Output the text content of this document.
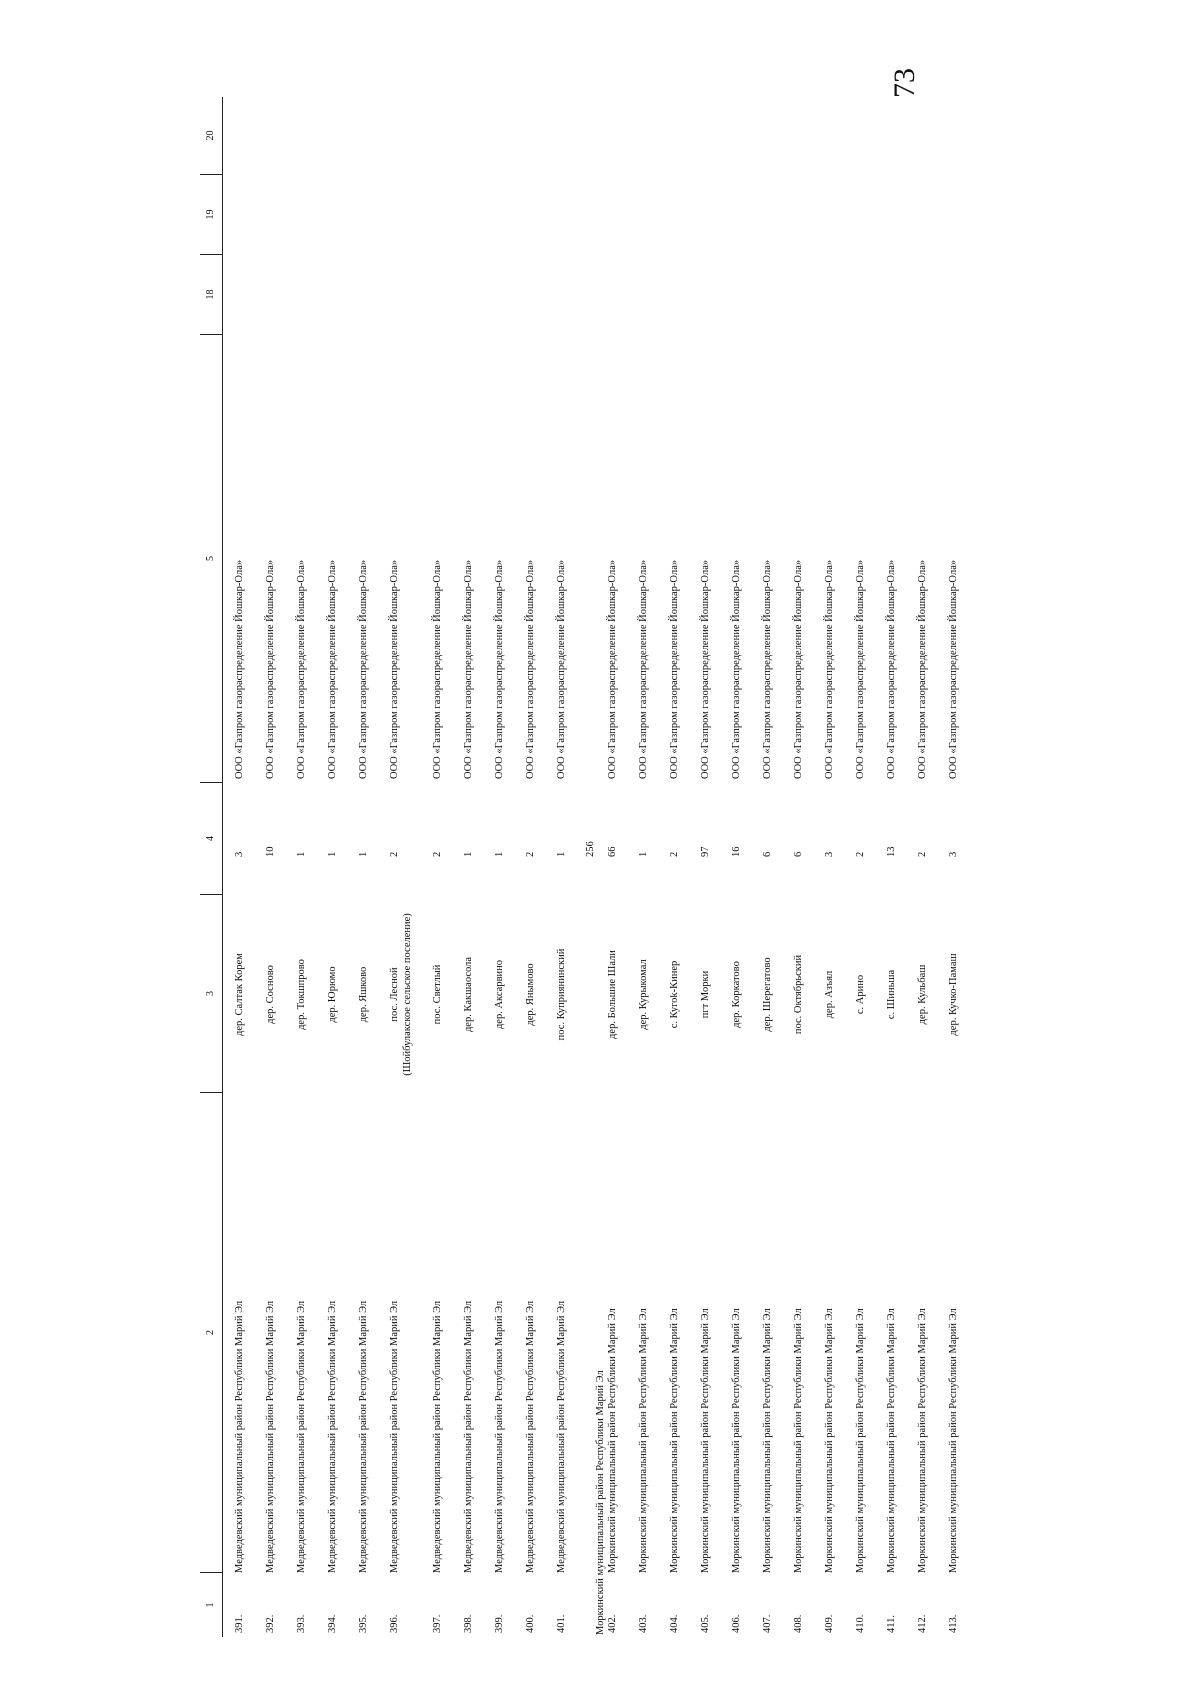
73
1
2
3
4
5
18
19
20
391.
Медведевский муниципальный район Республики Марий Эл
дер. Салтак Корем
3
ООО «Газпром газораспределение Йошкар-Ола»
392.
Медведевский муниципальный район Республики Марий Эл
дер. Сосново
10
ООО «Газпром газораспределение Йошкар-Ола»
393.
Медведевский муниципальный район Республики Марий Эл
дер. Токшпрово
1
ООО «Газпром газораспределение Йошкар-Ола»
394.
Медведевский муниципальный район Республики Марий Эл
дер. Юрюмо
1
ООО «Газпром газораспределение Йошкар-Ола»
395.
Медведевский муниципальный район Республики Марий Эл
дер. Яшково
1
ООО «Газпром газораспределение Йошкар-Ола»
396.
Медведевский муниципальный район Республики Марий Эл
пос. Лесной
2
ООО «Газпром газораспределение Йошкар-Ола»
(Шойбулакское сельское поселение)
397.
Медведевский муниципальный район Республики Марий Эл
пос. Светлый
2
ООО «Газпром газораспределение Йошкар-Ола»
398.
Медведевский муниципальный район Республики Марий Эл
дер. Какшаосола
1
ООО «Газпром газораспределение Йошкар-Ола»
399.
Медведевский муниципальный район Республики Марий Эл
дер. Аксарвино
1
ООО «Газпром газораспределение Йошкар-Ола»
400.
Медведевский муниципальный район Республики Марий Эл
дер. Янымово
2
ООО «Газпром газораспределение Йошкар-Ола»
401.
Медведевский муниципальный район Республики Марий Эл
пос. Куприянинский
1
ООО «Газпром газораспределение Йошкар-Ола»
Моркинский муниципальный район Республики Марий Эл
256
402.
Моркинский муниципальный район Республики Марий Эл
дер. Большие Шали
66
ООО «Газпром газораспределение Йошкар-Ола»
403.
Моркинский муниципальный район Республики Марий Эл
дер. Курыкомал
1
ООО «Газпром газораспределение Йошкар-Ола»
404.
Моркинский муниципальный район Республики Марий Эл
с. Кугоk-Кинер
2
ООО «Газпром газораспределение Йошкар-Ола»
405.
Моркинский муниципальный район Республики Марий Эл
пгт Морки
97
ООО «Газпром газораспределение Йошкар-Ола»
406.
Моркинский муниципальный район Республики Марий Эл
дер. Коркатово
16
ООО «Газпром газораспределение Йошкар-Ола»
407.
Моркинский муниципальный район Республики Марий Эл
дер. Шерегатово
6
ООО «Газпром газораспределение Йошкар-Ола»
408.
Моркинский муниципальный район Республики Марий Эл
пос. Октябрьский
6
ООО «Газпром газораспределение Йошкар-Ола»
409.
Моркинский муниципальный район Республики Марий Эл
дер. Азъял
3
ООО «Газпром газораспределение Йошкар-Ола»
410.
Моркинский муниципальный район Республики Марий Эл
с. Арино
2
ООО «Газпром газораспределение Йошкар-Ола»
411.
Моркинский муниципальный район Республики Марий Эл
с. Шиньша
13
ООО «Газпром газораспределение Йошкар-Ола»
412.
Моркинский муниципальный район Республики Марий Эл
дер. Кульбаш
2
ООО «Газпром газораспределение Йошкар-Ола»
413.
Моркинский муниципальный район Республики Марий Эл
дер. Кучко-Памаш
3
ООО «Газпром газораспределение Йошкар-Ола»
